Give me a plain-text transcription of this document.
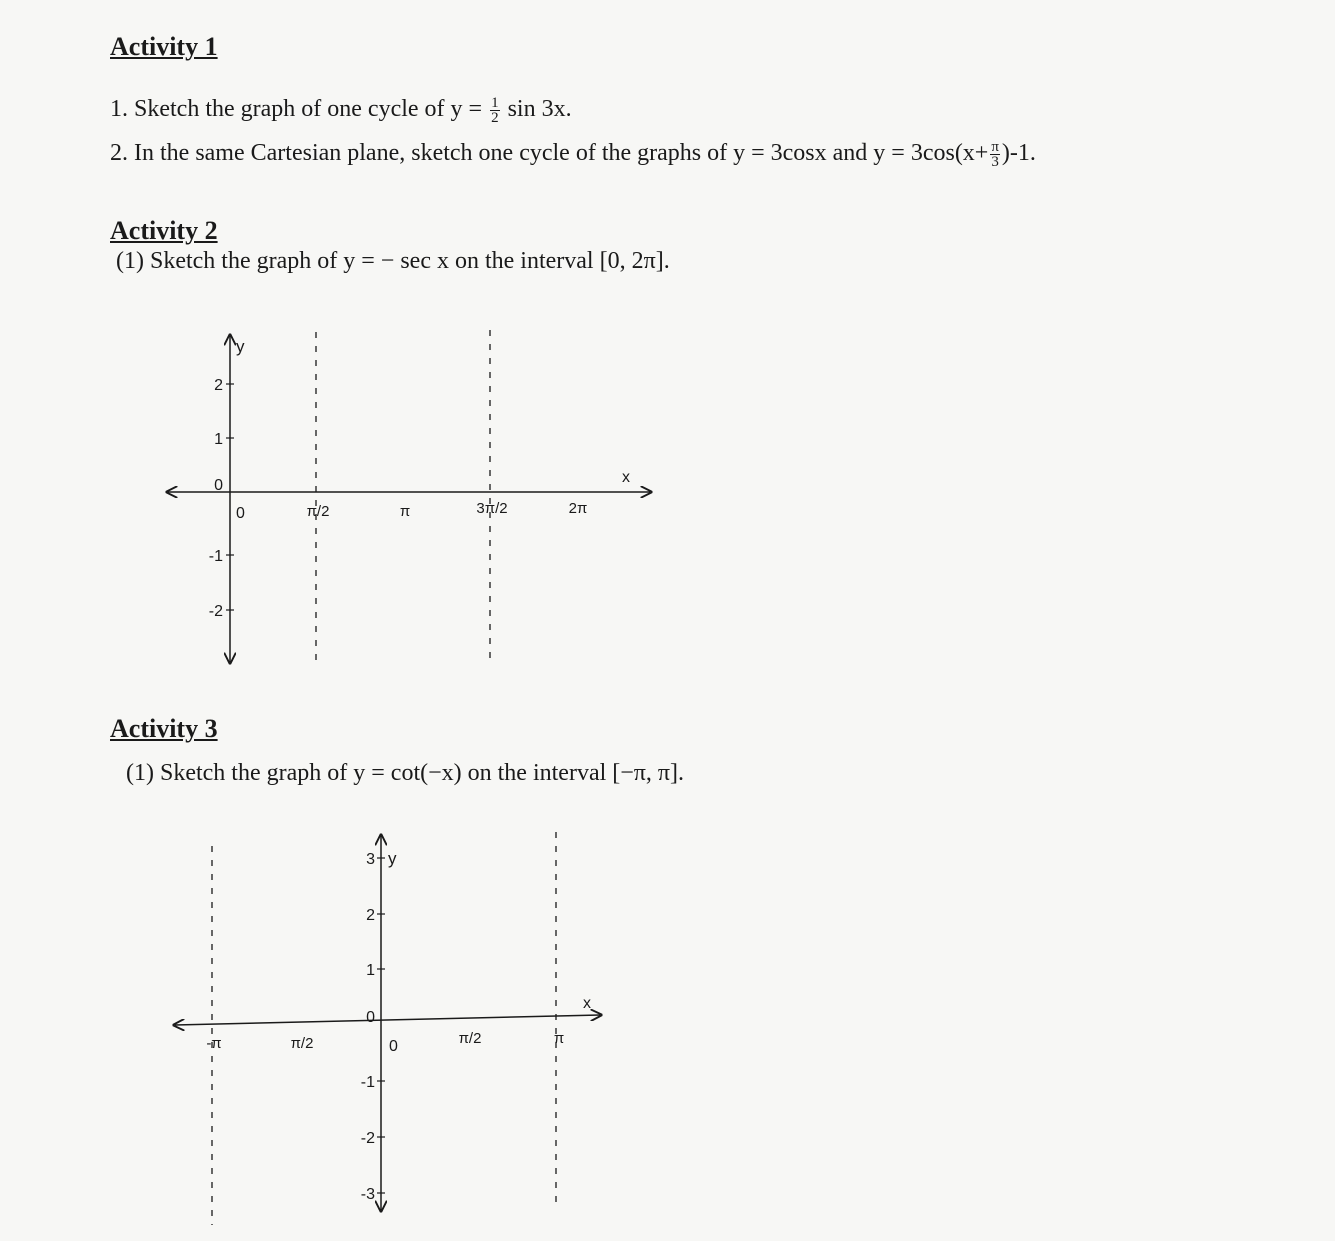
Activity 1
1. Sketch the graph of one cycle of $y = \frac{1}{2}$ sin 3x.
2. In the same Cartesian plane, sketch one cycle of the graphs of y = 3cosx and $y = 3\cos(x+ \frac{\pi}{3} )-1$.
Activity 2
(1) Sketch the graph of y = − sec x on the interval [0, 2π].
Activity 3
(1) Sketch the graph of y = cot(−x) on the interval [−π, π].
y
x
2
1
0
-1
-2
0	π/2	π	3π/2	2π
y
x
3
2
1
0
-1
-2
-3
0
-π	π/2	π/2	π
